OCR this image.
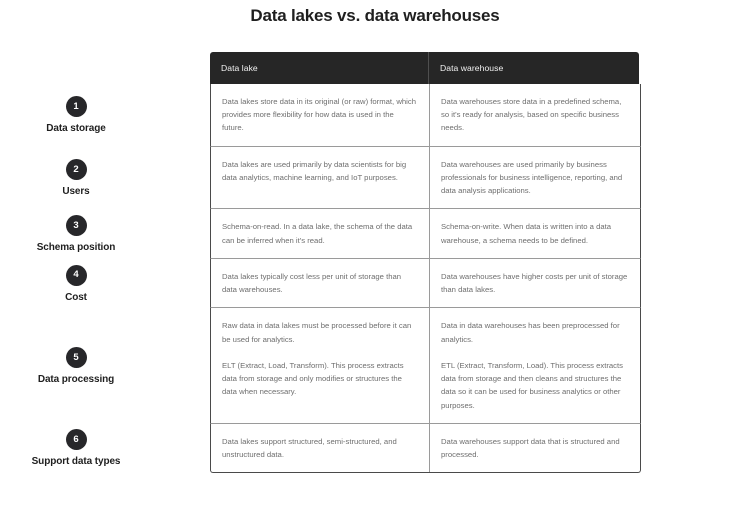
Data lakes vs. data warehouses
Data lake	Data warehouse
1
Data storage

Data lakes store data in its original (or raw) format, which provides more flexibility for how data is used in the future.

Data warehouses store data in a predefined schema, so it's ready for analysis, based on specific business needs.

2
Users

Data lakes are used primarily by data scientists for big data analytics, machine learning, and IoT purposes.

Data warehouses are used primarily by business professionals for business intelligence, reporting, and data analysis applications.

3
Schema position

Schema-on-read. In a data lake, the schema of the data can be inferred when it's read.

Schema-on-write. When data is written into a data warehouse, a schema needs to be defined.

4
Cost

Data lakes typically cost less per unit of storage than data warehouses.

Data warehouses have higher costs per unit of storage than data lakes.

5
Data processing

Raw data in data lakes must be processed before it can be used for analytics.

ELT (Extract, Load, Transform). This process extracts data from storage and only modifies or structures the data when necessary.

Data in data warehouses has been preprocessed for analytics.

ETL (Extract, Transform, Load). This process extracts data from storage and then cleans and structures the data so it can be used for business analytics or other purposes.

6
Support data types

Data lakes support structured, semi-structured, and unstructured data.

Data warehouses support data that is structured and processed.
